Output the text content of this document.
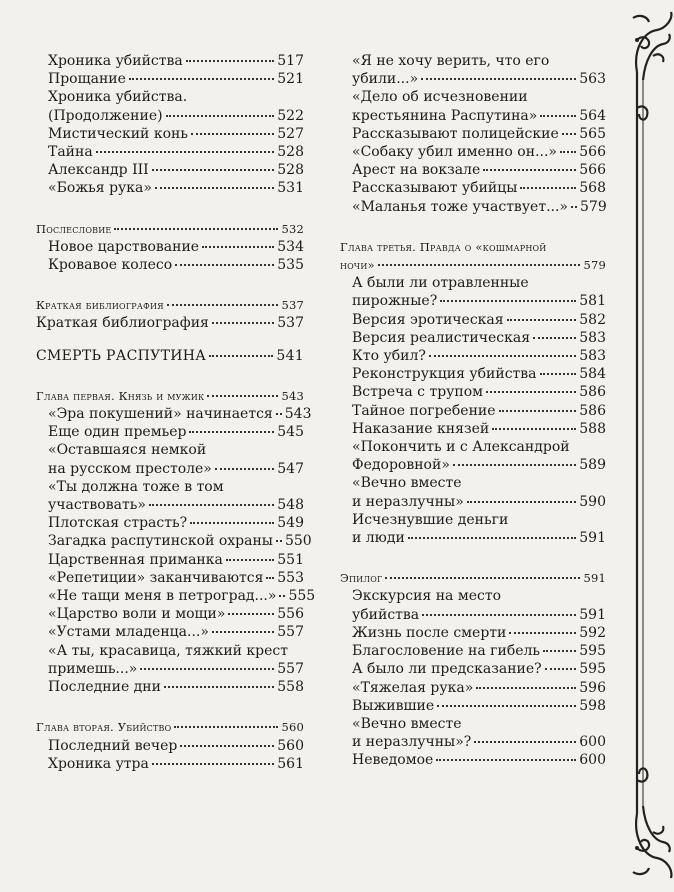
Хроника убийства	517
Прощание	521
Хроника убийства.
(Продолжение)	522
Мистический конь	527
Тайна	528
Александр III	528
«Божья рука»	531
Послесловие	532
Новое царствование	534
Кровавое колесо	535
Краткая библиография	537
Краткая библиография	537
СМЕРТЬ РАСПУТИНА	541
Глава первая. Князь и мужик	543
«Эра покушений» начинается 543
Еще один премьер	545
«Оставшаяся немкой
на русском престоле»	547
«Ты должна тоже в том
участвовать»	548
Плотская страсть?	549
Загадка распутинской охраны 550
Царственная приманка	551
«Репетиции» заканчиваются 553
«Не тащи меня в петроград...» 555
«Царство воли и мощи»	556
«Устами младенца...»	557
«А ты, красавица, тяжкий крест
примешь...»	557
Последние дни	558
Глава вторая. Убийство	560
Последний вечер	560
Хроника утра	561
«Я не хочу верить, что его
убили...»	563
«Дело об исчезновении
крестьянина Распутина»	564
Рассказывают полицейские 565
«Собаку убил именно он...» 566
Арест на вокзале	566
Рассказывают убийцы	568
«Маланья тоже участвует...» 579
Глава третья. Правда о «кошмарной
ночи»	579
А были ли отравленные
пирожные?	581
Версия эротическая	582
Версия реалистическая	583
Кто убил?	583
Реконструкция убийства	584
Встреча с трупом	586
Тайное погребение	586
Наказание князей	588
«Покончить и с Александрой
Федоровной»	589
«Вечно вместе
и неразлучны»	590
Исчезнувшие деньги
и люди	591
Эпилог	591
Экскурсия на место
убийства	591
Жизнь после смерти	592
Благословение на гибель	595
А было ли предсказание?	595
«Тяжелая рука»	596
Выжившие	598
«Вечно вместе
и неразлучны»?	600
Неведомое	600
